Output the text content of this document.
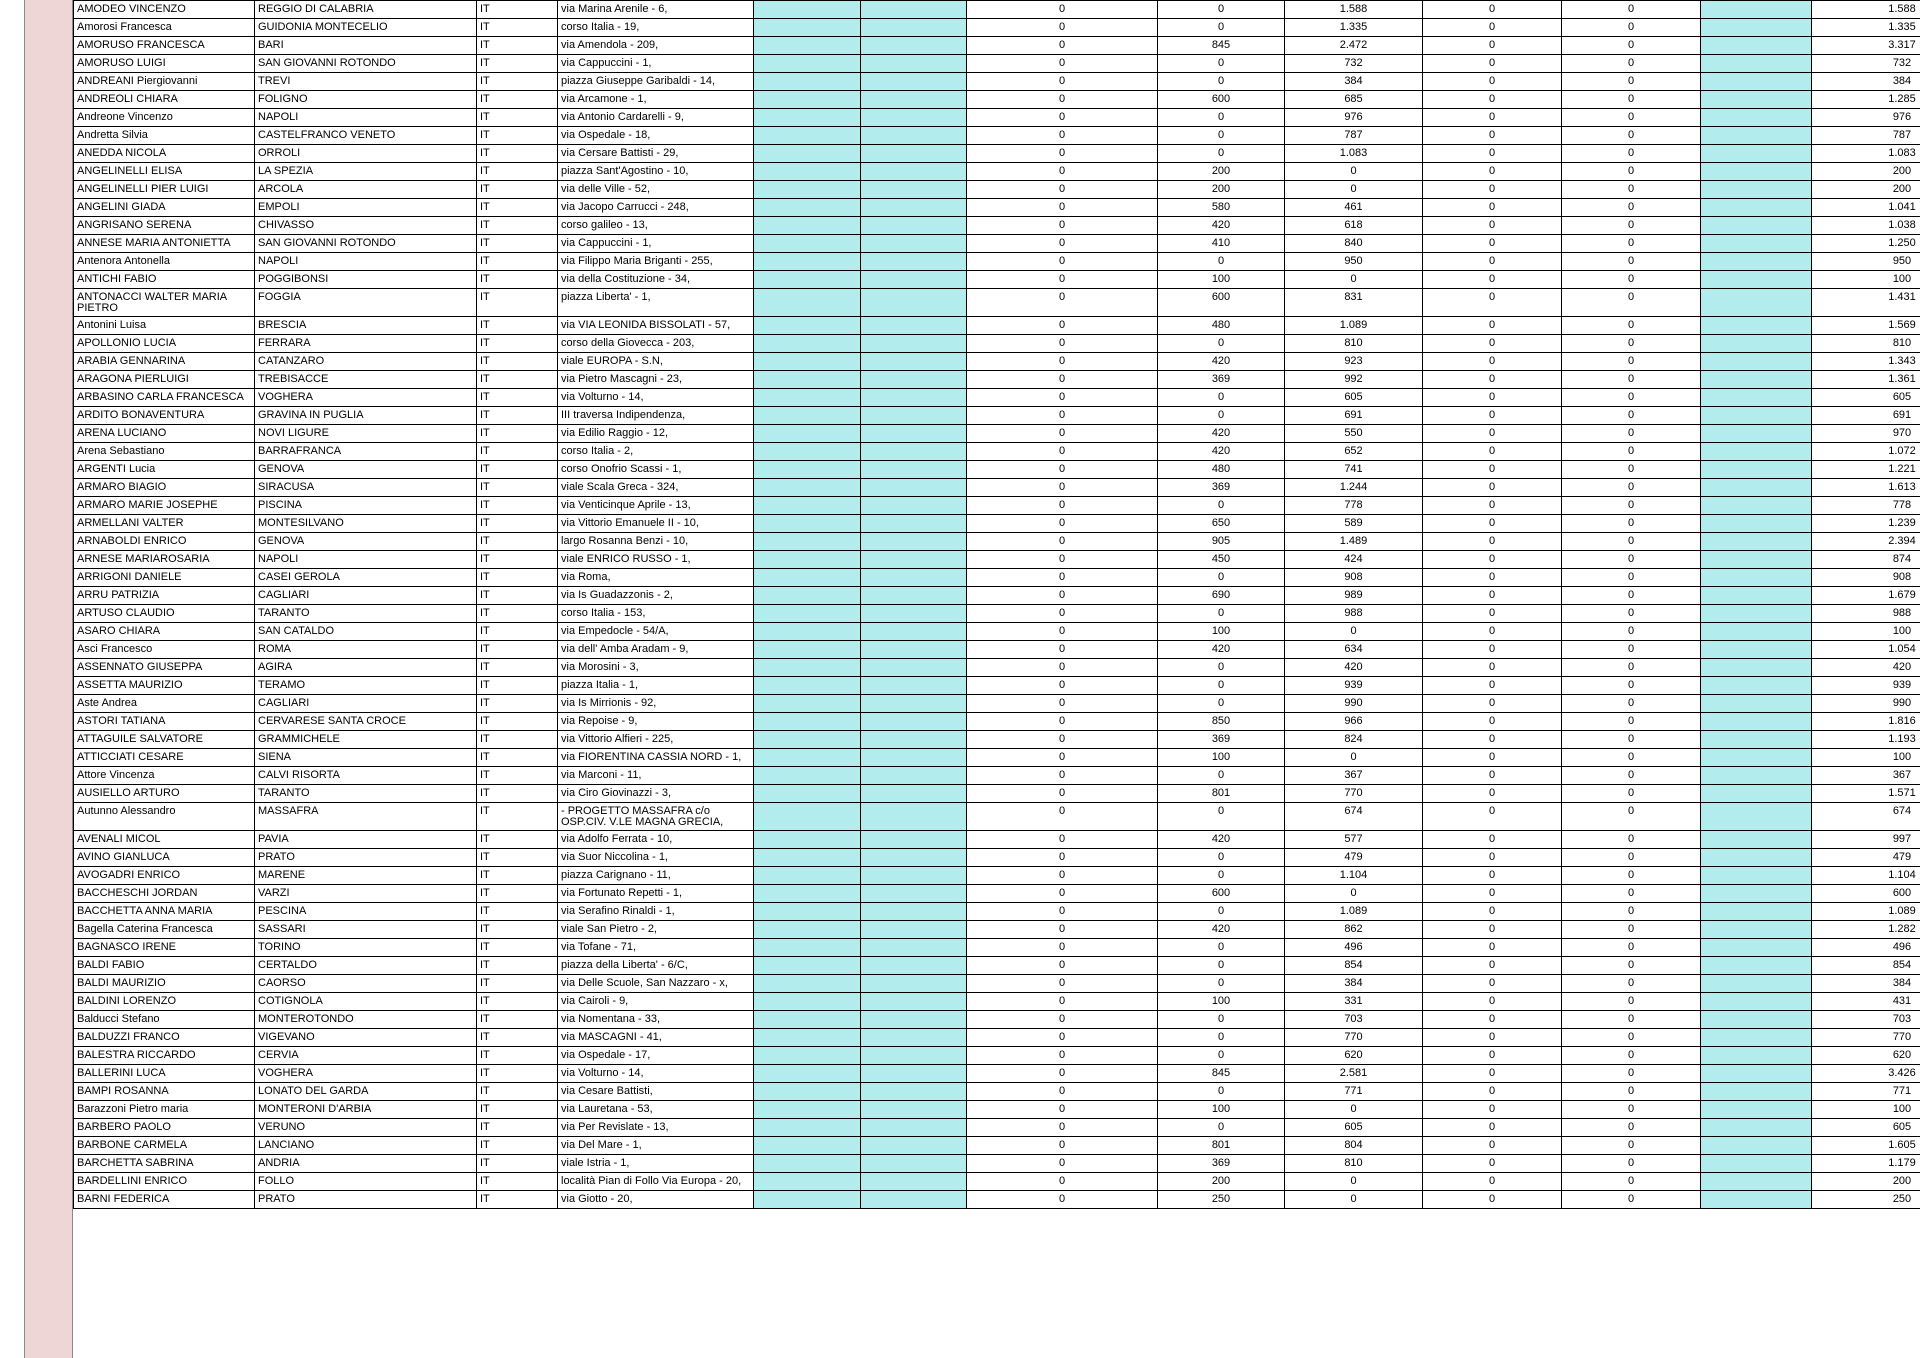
AMODEO VINCENZO	REGGIO DI CALABRIA	IT	via Marina Arenile - 6,			0	0	1.588	0	0		1.588
Amorosi Francesca	GUIDONIA MONTECELIO	IT	corso Italia - 19,			0	0	1.335	0	0		1.335
AMORUSO FRANCESCA	BARI	IT	via Amendola - 209,			0	845	2.472	0	0		3.317
AMORUSO LUIGI	SAN GIOVANNI ROTONDO	IT	via Cappuccini - 1,			0	0	732	0	0		732
ANDREANI Piergiovanni	TREVI	IT	piazza Giuseppe Garibaldi - 14,			0	0	384	0	0		384
ANDREOLI CHIARA	FOLIGNO	IT	via Arcamone - 1,			0	600	685	0	0		1.285
Andreone Vincenzo	NAPOLI	IT	via Antonio Cardarelli - 9,			0	0	976	0	0		976
Andretta Silvia	CASTELFRANCO VENETO	IT	via Ospedale - 18,			0	0	787	0	0		787
ANEDDA NICOLA	ORROLI	IT	via Cersare Battisti - 29,			0	0	1.083	0	0		1.083
ANGELINELLI ELISA	LA SPEZIA	IT	piazza Sant'Agostino - 10,			0	200	0	0	0		200
ANGELINELLI PIER LUIGI	ARCOLA	IT	via delle Ville - 52,			0	200	0	0	0		200
ANGELINI GIADA	EMPOLI	IT	via Jacopo Carrucci - 248,			0	580	461	0	0		1.041
ANGRISANO SERENA	CHIVASSO	IT	corso galileo - 13,			0	420	618	0	0		1.038
ANNESE MARIA ANTONIETTA	SAN GIOVANNI ROTONDO	IT	via Cappuccini - 1,			0	410	840	0	0		1.250
Antenora Antonella	NAPOLI	IT	via Filippo Maria Briganti - 255,			0	0	950	0	0		950
ANTICHI FABIO	POGGIBONSI	IT	via della Costituzione - 34,			0	100	0	0	0		100
ANTONACCI WALTER MARIA PIETRO	FOGGIA	IT	piazza Liberta' - 1,			0	600	831	0	0		1.431
Antonini Luisa	BRESCIA	IT	via VIA LEONIDA BISSOLATI - 57,			0	480	1.089	0	0		1.569
APOLLONIO LUCIA	FERRARA	IT	corso della Giovecca - 203,			0	0	810	0	0		810
ARABIA GENNARINA	CATANZARO	IT	viale EUROPA - S.N,			0	420	923	0	0		1.343
ARAGONA PIERLUIGI	TREBISACCE	IT	via Pietro Mascagni - 23,			0	369	992	0	0		1.361
ARBASINO CARLA FRANCESCA	VOGHERA	IT	via Volturno - 14,			0	0	605	0	0		605
ARDITO BONAVENTURA	GRAVINA IN PUGLIA	IT	III traversa Indipendenza,			0	0	691	0	0		691
ARENA LUCIANO	NOVI LIGURE	IT	via Edilio Raggio - 12,			0	420	550	0	0		970
Arena Sebastiano	BARRAFRANCA	IT	corso Italia - 2,			0	420	652	0	0		1.072
ARGENTI Lucia	GENOVA	IT	corso Onofrio Scassi - 1,			0	480	741	0	0		1.221
ARMARO BIAGIO	SIRACUSA	IT	viale Scala Greca - 324,			0	369	1.244	0	0		1.613
ARMARO MARIE JOSEPHE	PISCINA	IT	via Venticinque Aprile - 13,			0	0	778	0	0		778
ARMELLANI VALTER	MONTESILVANO	IT	via Vittorio Emanuele II - 10,			0	650	589	0	0		1.239
ARNABOLDI ENRICO	GENOVA	IT	largo Rosanna Benzi - 10,			0	905	1.489	0	0		2.394
ARNESE MARIAROSARIA	NAPOLI	IT	viale ENRICO RUSSO - 1,			0	450	424	0	0		874
ARRIGONI DANIELE	CASEI GEROLA	IT	via Roma,			0	0	908	0	0		908
ARRU PATRIZIA	CAGLIARI	IT	via Is Guadazzonis - 2,			0	690	989	0	0		1.679
ARTUSO CLAUDIO	TARANTO	IT	corso Italia - 153,			0	0	988	0	0		988
ASARO CHIARA	SAN CATALDO	IT	via Empedocle - 54/A,			0	100	0	0	0		100
Asci Francesco	ROMA	IT	via dell' Amba Aradam - 9,			0	420	634	0	0		1.054
ASSENNATO GIUSEPPA	AGIRA	IT	via Morosini - 3,			0	0	420	0	0		420
ASSETTA MAURIZIO	TERAMO	IT	piazza Italia - 1,			0	0	939	0	0		939
Aste Andrea	CAGLIARI	IT	via Is Mirrionis - 92,			0	0	990	0	0		990
ASTORI TATIANA	CERVARESE SANTA CROCE	IT	via Repoise - 9,			0	850	966	0	0		1.816
ATTAGUILE SALVATORE	GRAMMICHELE	IT	via Vittorio Alfieri - 225,			0	369	824	0	0		1.193
ATTICCIATI CESARE	SIENA	IT	via FIORENTINA CASSIA NORD - 1,			0	100	0	0	0		100
Attore Vincenza	CALVI RISORTA	IT	via Marconi - 11,			0	0	367	0	0		367
AUSIELLO ARTURO	TARANTO	IT	via Ciro Giovinazzi - 3,			0	801	770	0	0		1.571
Autunno Alessandro	MASSAFRA	IT	- PROGETTO MASSAFRA c/o OSP.CIV. V.LE MAGNA GRECIA,			0	0	674	0	0		674
AVENALI MICOL	PAVIA	IT	via Adolfo Ferrata - 10,			0	420	577	0	0		997
AVINO GIANLUCA	PRATO	IT	via Suor Niccolina - 1,			0	0	479	0	0		479
AVOGADRI ENRICO	MARENE	IT	piazza Carignano - 11,			0	0	1.104	0	0		1.104
BACCHESCHI JORDAN	VARZI	IT	via Fortunato Repetti - 1,			0	600	0	0	0		600
BACCHETTA ANNA MARIA	PESCINA	IT	via Serafino Rinaldi - 1,			0	0	1.089	0	0		1.089
Bagella Caterina Francesca	SASSARI	IT	viale San Pietro - 2,			0	420	862	0	0		1.282
BAGNASCO IRENE	TORINO	IT	via Tofane - 71,			0	0	496	0	0		496
BALDI FABIO	CERTALDO	IT	piazza della Liberta' - 6/C,			0	0	854	0	0		854
BALDI MAURIZIO	CAORSO	IT	via Delle Scuole, San Nazzaro - x,			0	0	384	0	0		384
BALDINI LORENZO	COTIGNOLA	IT	via Cairoli - 9,			0	100	331	0	0		431
Balducci Stefano	MONTEROTONDO	IT	via Nomentana - 33,			0	0	703	0	0		703
BALDUZZI FRANCO	VIGEVANO	IT	via MASCAGNI - 41,			0	0	770	0	0		770
BALESTRA RICCARDO	CERVIA	IT	via Ospedale - 17,			0	0	620	0	0		620
BALLERINI LUCA	VOGHERA	IT	via Volturno - 14,			0	845	2.581	0	0		3.426
BAMPI ROSANNA	LONATO DEL GARDA	IT	via Cesare Battisti,			0	0	771	0	0		771
Barazzoni Pietro maria	MONTERONI D'ARBIA	IT	via Lauretana - 53,			0	100	0	0	0		100
BARBERO PAOLO	VERUNO	IT	via Per Revislate - 13,			0	0	605	0	0		605
BARBONE CARMELA	LANCIANO	IT	via Del Mare - 1,			0	801	804	0	0		1.605
BARCHETTA SABRINA	ANDRIA	IT	viale Istria - 1,			0	369	810	0	0		1.179
BARDELLINI ENRICO	FOLLO	IT	località Pian di Follo Via Europa - 20,			0	200	0	0	0		200
BARNI FEDERICA	PRATO	IT	via Giotto - 20,			0	250	0	0	0		250
